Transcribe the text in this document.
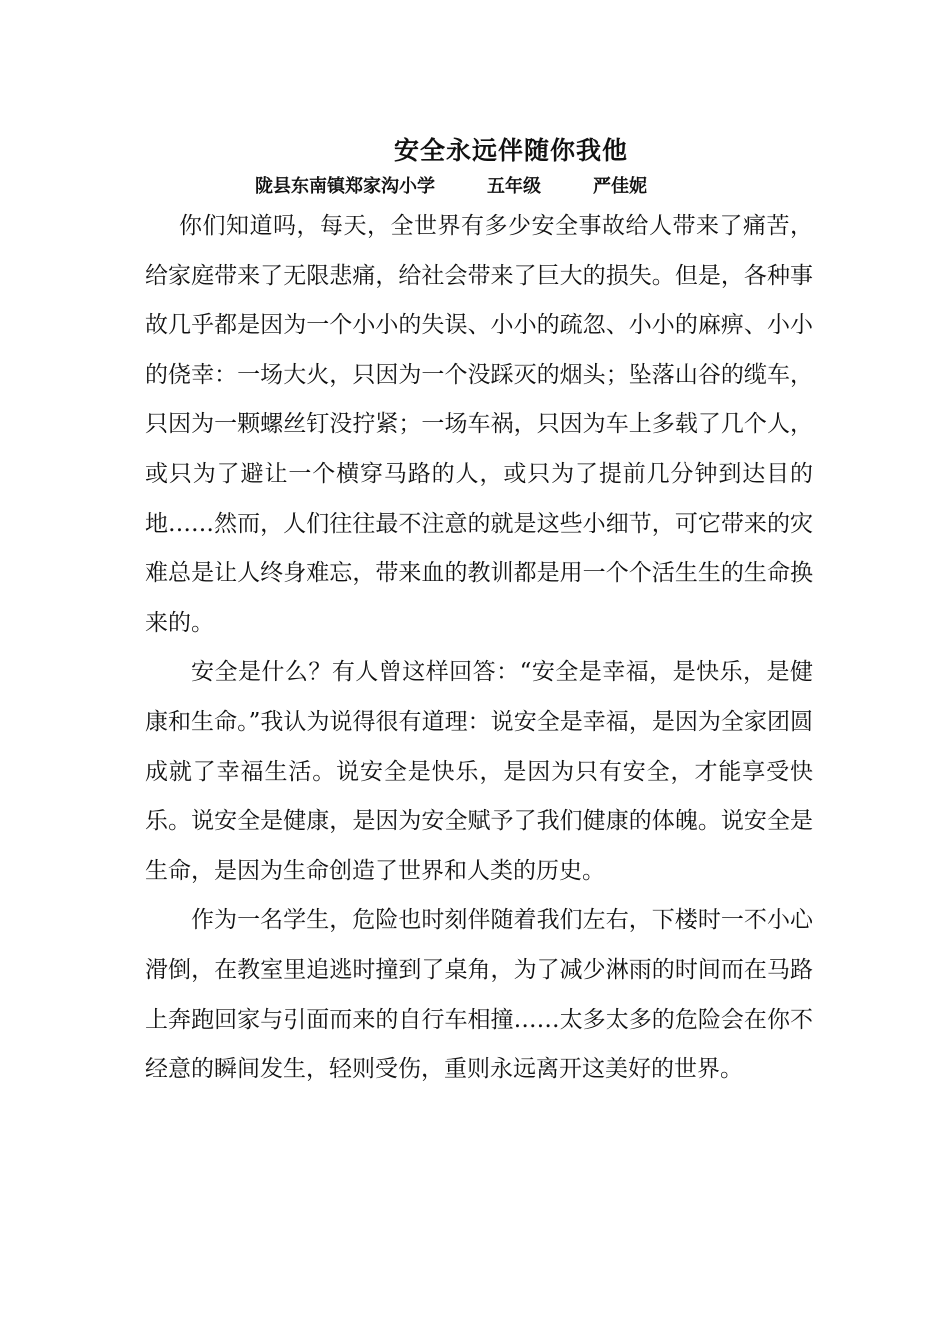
安全永远伴随你我他
陇县东南镇郑家沟小学	五年级	严佳妮

你们知道吗，每天，全世界有多少安全事故给人带来了痛苦，给家庭带来了无限悲痛，给社会带来了巨大的损失。但是，各种事故几乎都是因为一个小小的失误、小小的疏忽、小小的麻痹、小小的侥幸：一场大火，只因为一个没踩灭的烟头；坠落山谷的缆车，只因为一颗螺丝钉没拧紧；一场车祸，只因为车上多载了几个人，或只为了避让一个横穿马路的人，或只为了提前几分钟到达目的地……然而，人们往往最不注意的就是这些小细节，可它带来的灾难总是让人终身难忘，带来血的教训都是用一个个活生生的生命换来的。

安全是什么？有人曾这样回答：“安全是幸福，是快乐，是健康和生命。”我认为说得很有道理：说安全是幸福，是因为全家团圆成就了幸福生活。说安全是快乐，是因为只有安全，才能享受快乐。说安全是健康，是因为安全赋予了我们健康的体魄。说安全是生命，是因为生命创造了世界和人类的历史。

作为一名学生，危险也时刻伴随着我们左右，下楼时一不小心滑倒，在教室里追逃时撞到了桌角，为了减少淋雨的时间而在马路上奔跑回家与引面而来的自行车相撞……太多太多的危险会在你不经意的瞬间发生，轻则受伤，重则永远离开这美好的世界。
